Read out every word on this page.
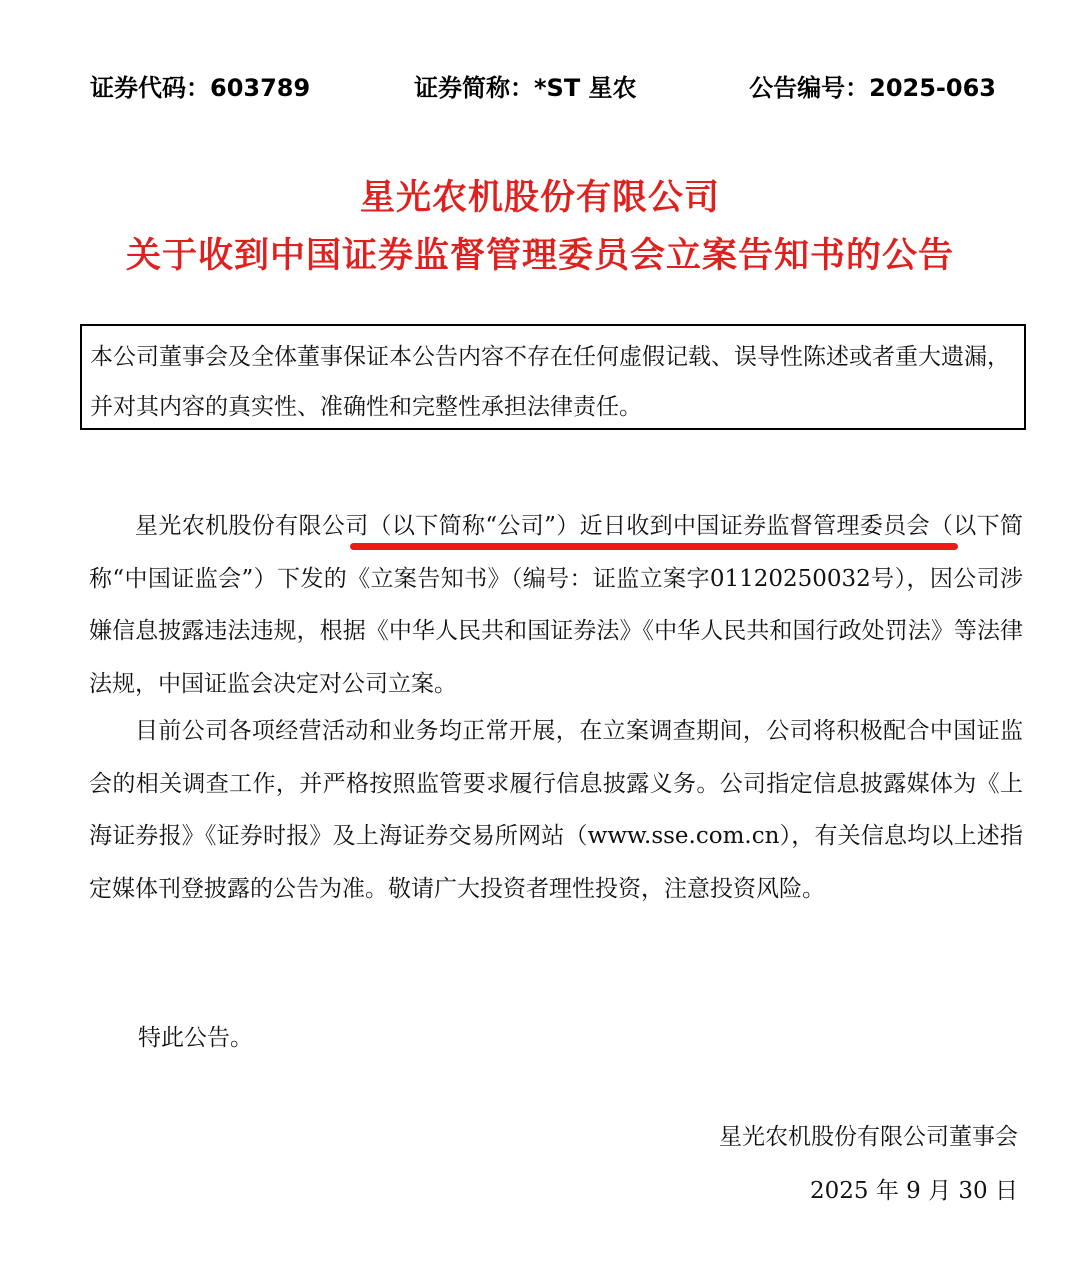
证券代码：603789	证券简称：*ST 星农	公告编号：2025-063
星光农机股份有限公司
关于收到中国证券监督管理委员会立案告知书的公告
本公司董事会及全体董事保证本公告内容不存在任何虚假记载、误导性陈述或者重大遗漏，并对其内容的真实性、准确性和完整性承担法律责任。

星光农机股份有限公司（以下简称“公司”）近日收到中国证券监督管理委员会（以下简称“中国证监会”）下发的《立案告知书》（编号：证监立案字01120250032号），因公司涉嫌信息披露违法违规，根据《中华人民共和国证券法》《中华人民共和国行政处罚法》等法律法规，中国证监会决定对公司立案。

目前公司各项经营活动和业务均正常开展，在立案调查期间，公司将积极配合中国证监会的相关调查工作，并严格按照监管要求履行信息披露义务。公司指定信息披露媒体为《上海证券报》《证券时报》及上海证券交易所网站（www.sse.com.cn），有关信息均以上述指定媒体刊登披露的公告为准。敬请广大投资者理性投资，注意投资风险。

特此公告。
星光农机股份有限公司董事会
2025 年 9 月 30 日
